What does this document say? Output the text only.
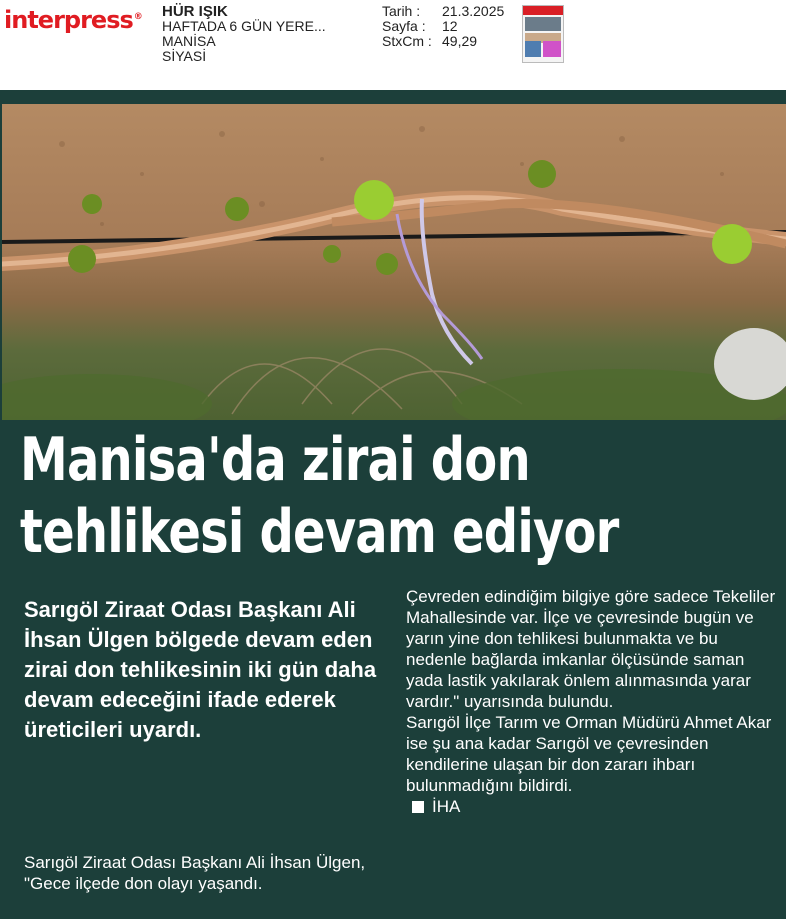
interpress® HÜR IŞIK
HAFTADA 6 GÜN YERE...
MANİSA
SİYASİ
Tarih :	21.3.2025
Sayfa :	12
StxCm : 49,29
Manisa'da zirai don
tehlikesi devam ediyor

Sarıgöl Ziraat Odası Başkanı Ali İhsan Ülgen bölgede devam eden zirai don tehlikesinin iki gün daha devam edeceğini ifade ederek üreticileri uyardı.

Sarıgöl Ziraat Odası Başkanı Ali İhsan Ülgen, "Gece ilçede don olayı yaşandı.

Çevreden edindiğim bilgiye göre sadece Tekeliler Mahallesinde var. İlçe ve çevresinde bugün ve yarın yine don tehlikesi bulunmakta ve bu nedenle bağlarda imkanlar ölçüsünde saman yada lastik yakılarak önlem alınmasında yarar vardır." uyarısında bulundu.

Sarıgöl İlçe Tarım ve Orman Müdürü Ahmet Akar ise şu ana kadar Sarıgöl ve çevresinden kendilerine ulaşan bir don zararı ihbarı bulunmadığını bildirdi.

İHA
